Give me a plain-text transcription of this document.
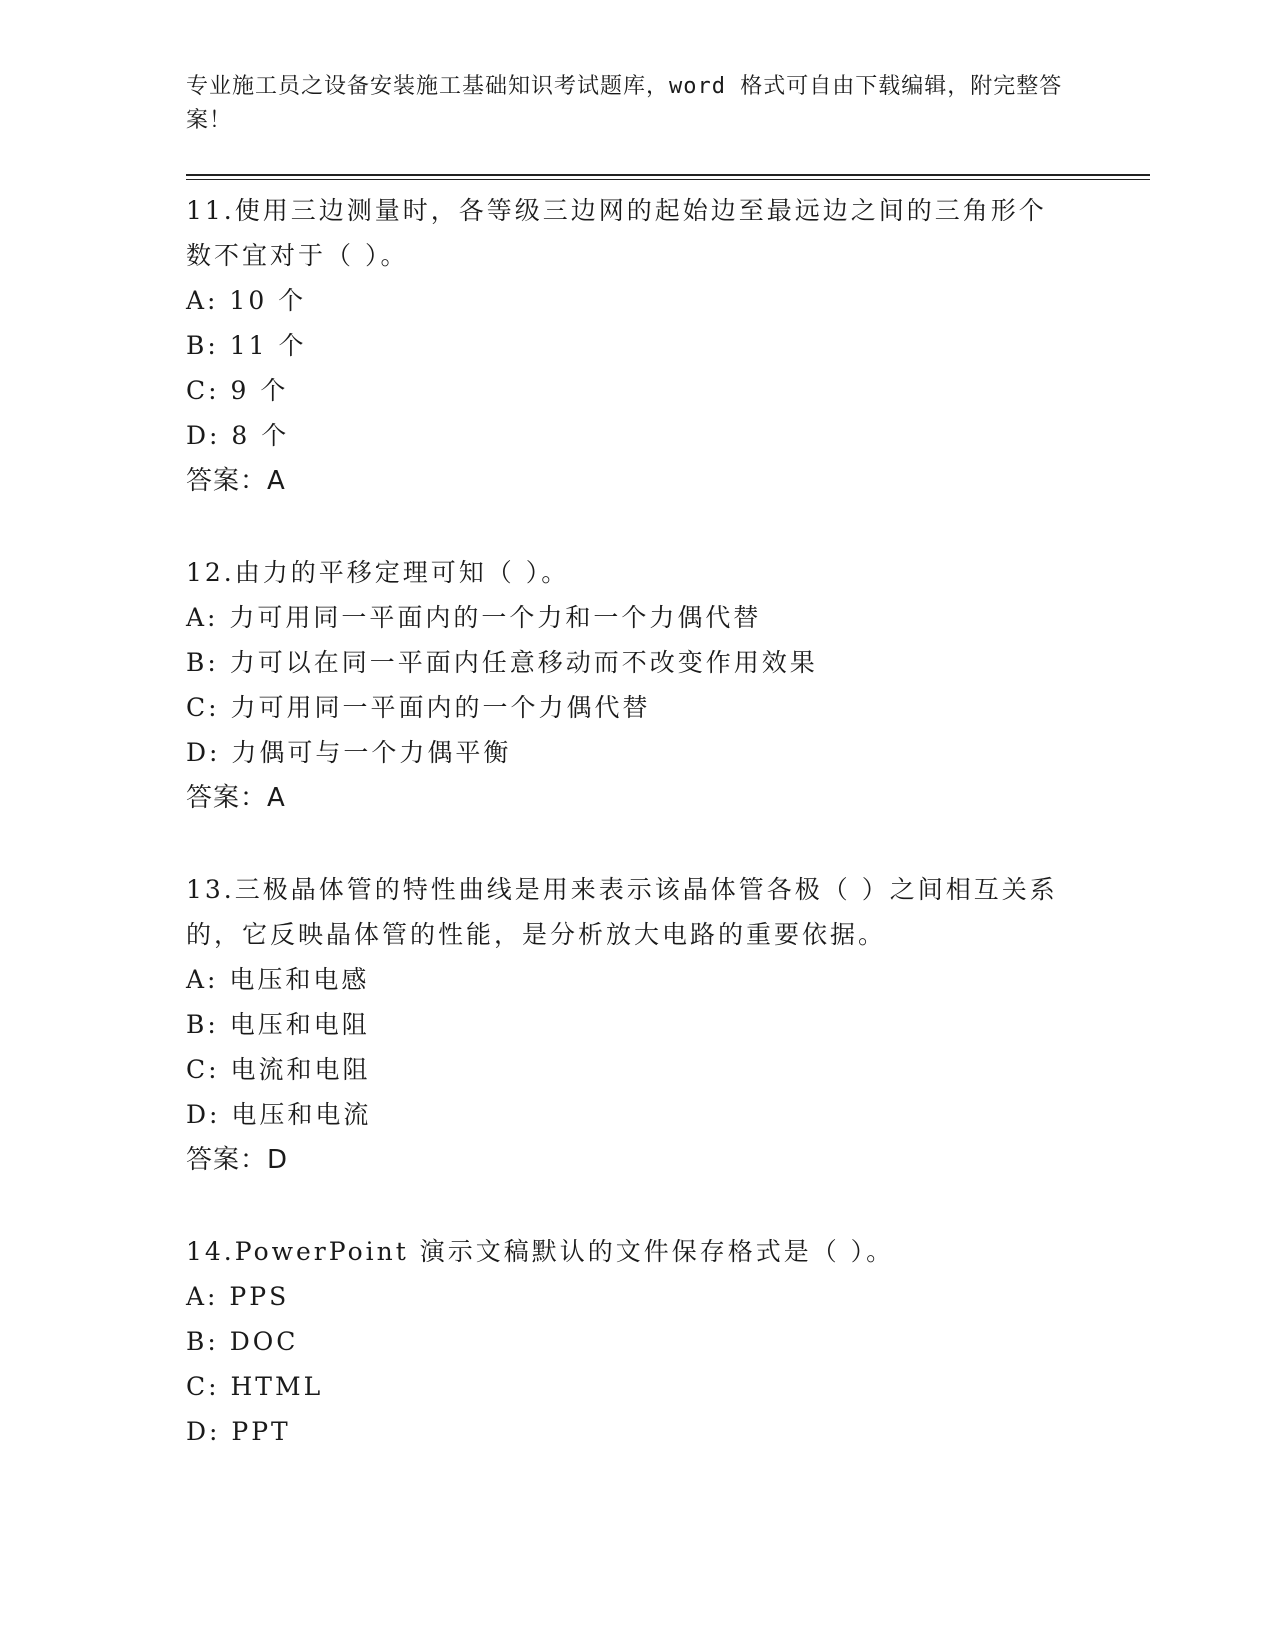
专业施工员之设备安装施工基础知识考试题库，word 格式可自由下载编辑，附完整答案！

11.使用三边测量时，各等级三边网的起始边至最远边之间的三角形个数不宜对于（ ）。

A: 10 个

B: 11 个

C: 9 个

D: 8 个

答案：A

12.由力的平移定理可知（ ）。

A: 力可用同一平面内的一个力和一个力偶代替

B: 力可以在同一平面内任意移动而不改变作用效果

C: 力可用同一平面内的一个力偶代替

D: 力偶可与一个力偶平衡

答案：A

13.三极晶体管的特性曲线是用来表示该晶体管各极（ ）之间相互关系的，它反映晶体管的性能，是分析放大电路的重要依据。

A: 电压和电感

B: 电压和电阻

C: 电流和电阻

D: 电压和电流

答案：D

14.PowerPoint 演示文稿默认的文件保存格式是（ ）。

A: PPS

B: DOC

C: HTML

D: PPT
